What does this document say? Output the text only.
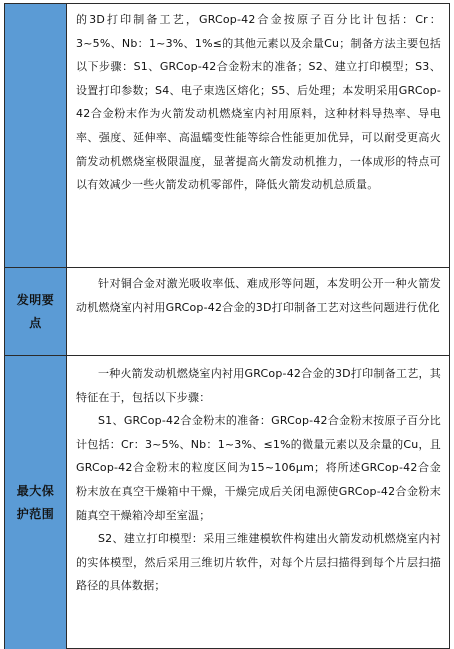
的3D打印制备工艺，GRCop-42合金按原子百分比计包括：Cr：3~5%、Nb：1~3%、1%≤的其他元素以及余量Cu；制备方法主要包括以下步骤：S1、GRCop-42合金粉末的准备；S2、建立打印模型；S3、设置打印参数；S4、电子束选区熔化；S5、后处理；本发明采用GRCop-42合金粉末作为火箭发动机燃烧室内衬用原料，这种材料导热率、导电率、强度、延伸率、高温蠕变性能等综合性能更加优异，可以耐受更高火箭发动机燃烧室极限温度，显著提高火箭发动机推力，一体成形的特点可以有效减少一些火箭发动机零部件，降低火箭发动机总质量。

发明要点

针对铜合金对激光吸收率低、难成形等问题，本发明公开一种火箭发动机燃烧室内衬用GRCop-42合金的3D打印制备工艺对这些问题进行优化

最大保护范围

一种火箭发动机燃烧室内衬用GRCop-42合金的3D打印制备工艺，其特征在于，包括以下步骤：

S1、GRCop-42合金粉末的准备：GRCop-42合金粉末按原子百分比计包括：Cr：3~5%、Nb：1~3%、≤1%的微量元素以及余量的Cu，且GRCop-42合金粉末的粒度区间为15~106μm；将所述GRCop-42合金粉末放在真空干燥箱中干燥，干燥完成后关闭电源使GRCop-42合金粉末随真空干燥箱冷却至室温；

S2、建立打印模型：采用三维建模软件构建出火箭发动机燃烧室内衬的实体模型，然后采用三维切片软件，对每个片层扫描得到每个片层扫描路径的具体数据；
